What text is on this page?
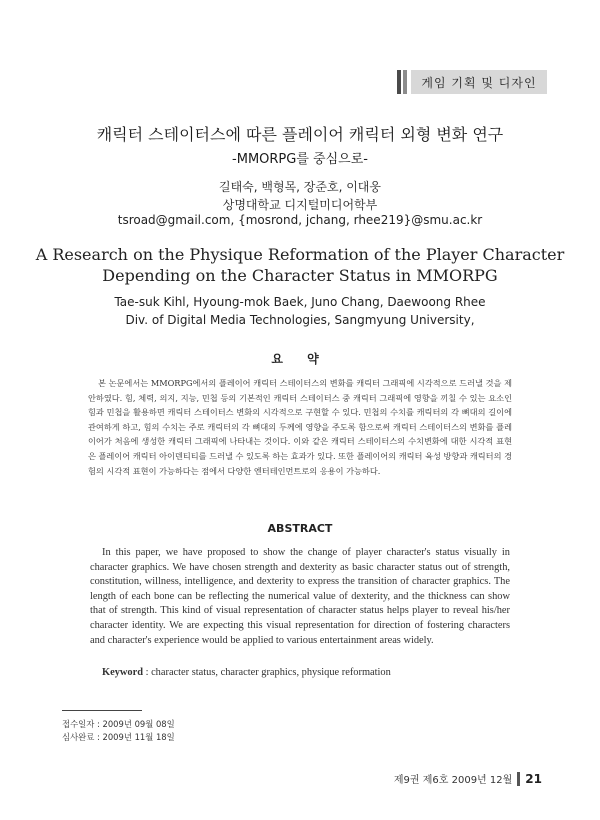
게임 기획 및 디자인
캐릭터 스테이터스에 따른 플레이어 캐릭터 외형 변화 연구
-MMORPG를 중심으로-
길태숙, 백형목, 장준호, 이대웅
상명대학교 디지털미디어학부
tsroad@gmail.com, {mosrond, jchang, rhee219}@smu.ac.kr
A Research on the Physique Reformation of the Player Character
Depending on the Character Status in MMORPG
Tae-suk Kihl, Hyoung-mok Baek, Juno Chang, Daewoong Rhee
Div. of Digital Media Technologies, Sangmyung University,
요 약
본 논문에서는 MMORPG에서의 플레이어 캐릭터 스테이터스의 변화를 캐릭터 그래픽에 시각적으로 드러낼 것을 제안하였다. 힘, 체력, 의지, 지능, 민첩 등의 기본적인 캐릭터 스테이터스 중 캐릭터 그래픽에 영향을 끼칠 수 있는 요소인 힘과 민첩을 활용하면 캐릭터 스테이터스 변화의 시각적으로 구현할 수 있다. 민첩의 수치를 캐릭터의 각 뼈대의 길이에 관여하게 하고, 힘의 수치는 주로 캐릭터의 각 뼈대의 두께에 영향을 주도록 함으로써 캐릭터 스테이터스의 변화를 플레이어가 처음에 생성한 캐릭터 그래픽에 나타내는 것이다. 이와 같은 캐릭터 스테이터스의 수치변화에 대한 시각적 표현은 플레이어 캐릭터 아이덴티티를 드러낼 수 있도록 하는 효과가 있다. 또한 플레이어의 캐릭터 육성 방향과 캐릭터의 경험의 시각적 표현이 가능하다는 점에서 다양한 엔터테인먼트로의 응용이 가능하다.
ABSTRACT
In this paper, we have proposed to show the change of player character's status visually in character graphics. We have chosen strength and dexterity as basic character status out of strength, constitution, willness, intelligence, and dexterity to express the transition of character graphics. The length of each bone can be reflecting the numerical value of dexterity, and the thickness can show that of strength. This kind of visual representation of character status helps player to reveal his/her character identity. We are expecting this visual representation for direction of fostering characters and character's experience would be applied to various entertainment areas widely.
Keyword : character status, character graphics, physique reformation
접수일자 : 2009년 09월 08일
심사완료 : 2009년 11월 18일
제9권 제6호 2009년 12월 21
